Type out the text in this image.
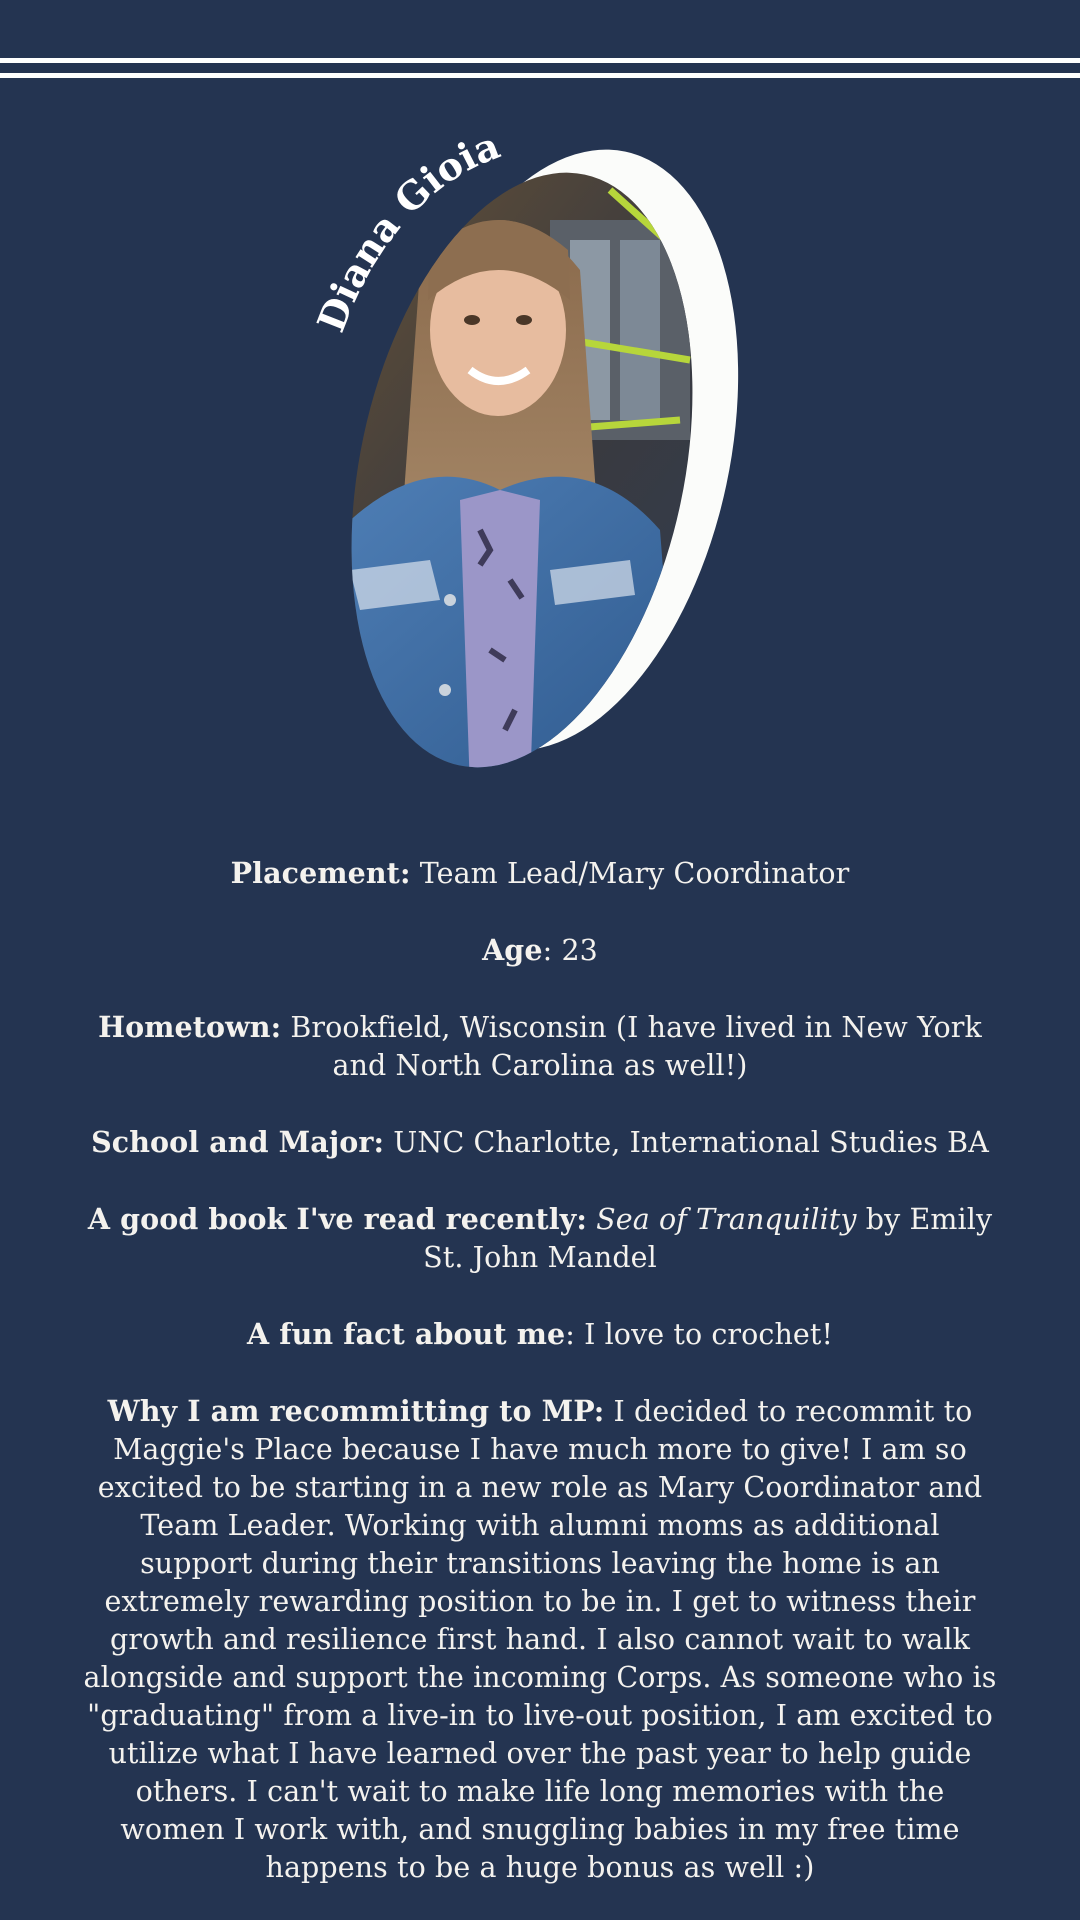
Diana Gioia

Placement: Team Lead/Mary Coordinator

Age: 23

Hometown: Brookfield, Wisconsin (I have lived in New York and North Carolina as well!)

School and Major: UNC Charlotte, International Studies BA

A good book I've read recently: Sea of Tranquility by Emily St. John Mandel

A fun fact about me: I love to crochet!

Why I am recommitting to MP: I decided to recommit to Maggie's Place because I have much more to give! I am so excited to be starting in a new role as Mary Coordinator and Team Leader. Working with alumni moms as additional support during their transitions leaving the home is an extremely rewarding position to be in. I get to witness their growth and resilience first hand. I also cannot wait to walk alongside and support the incoming Corps. As someone who is "graduating" from a live-in to live-out position, I am excited to utilize what I have learned over the past year to help guide others. I can't wait to make life long memories with the women I work with, and snuggling babies in my free time happens to be a huge bonus as well :)
